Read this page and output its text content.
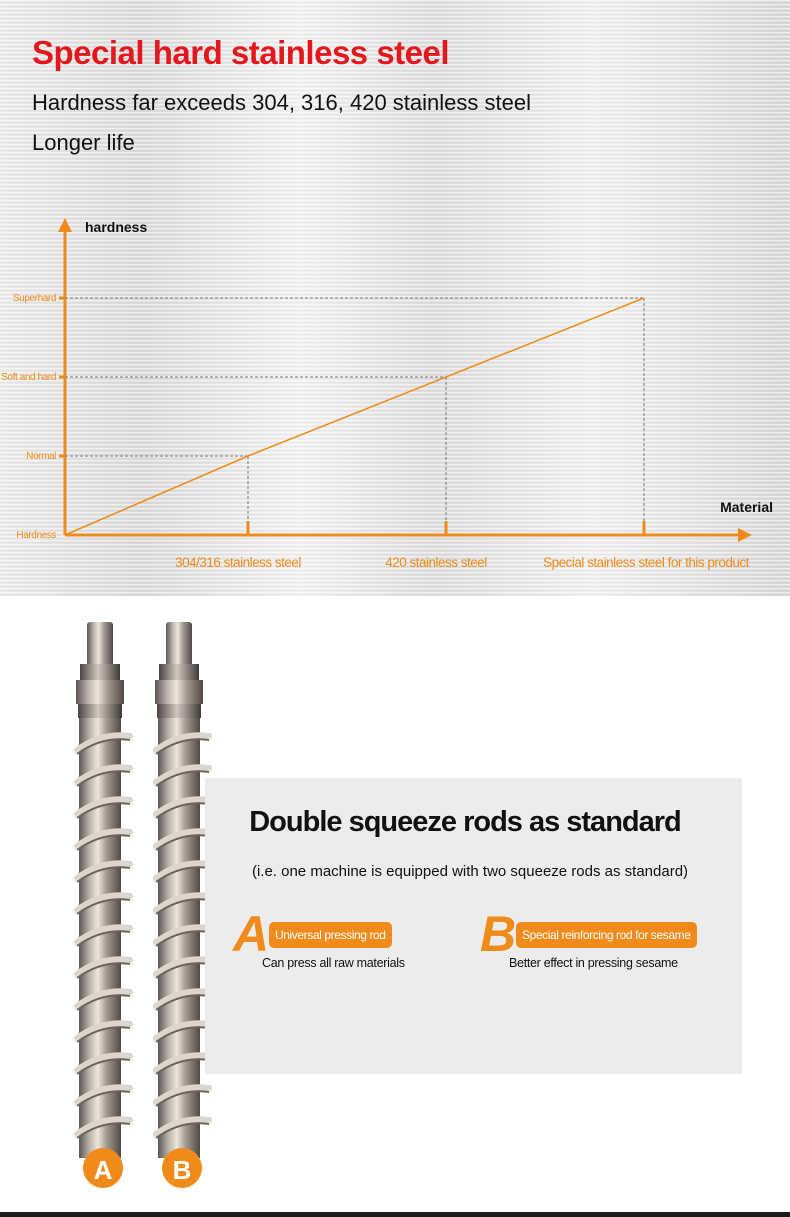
Special hard stainless steel

Hardness far exceeds 304, 316, 420 stainless steel

Longer life

hardness
Material
Hardness
Normal
Soft and hard
Superhard
304/316 stainless steel	420 stainless steel	Special stainless steel for this product
A B
Double squeeze rods as standard
(i.e. one machine is equipped with two squeeze rods as standard)
A Universal pressing rod
Can press all raw materials
B Special reinforcing rod for sesame
Better effect in pressing sesame
